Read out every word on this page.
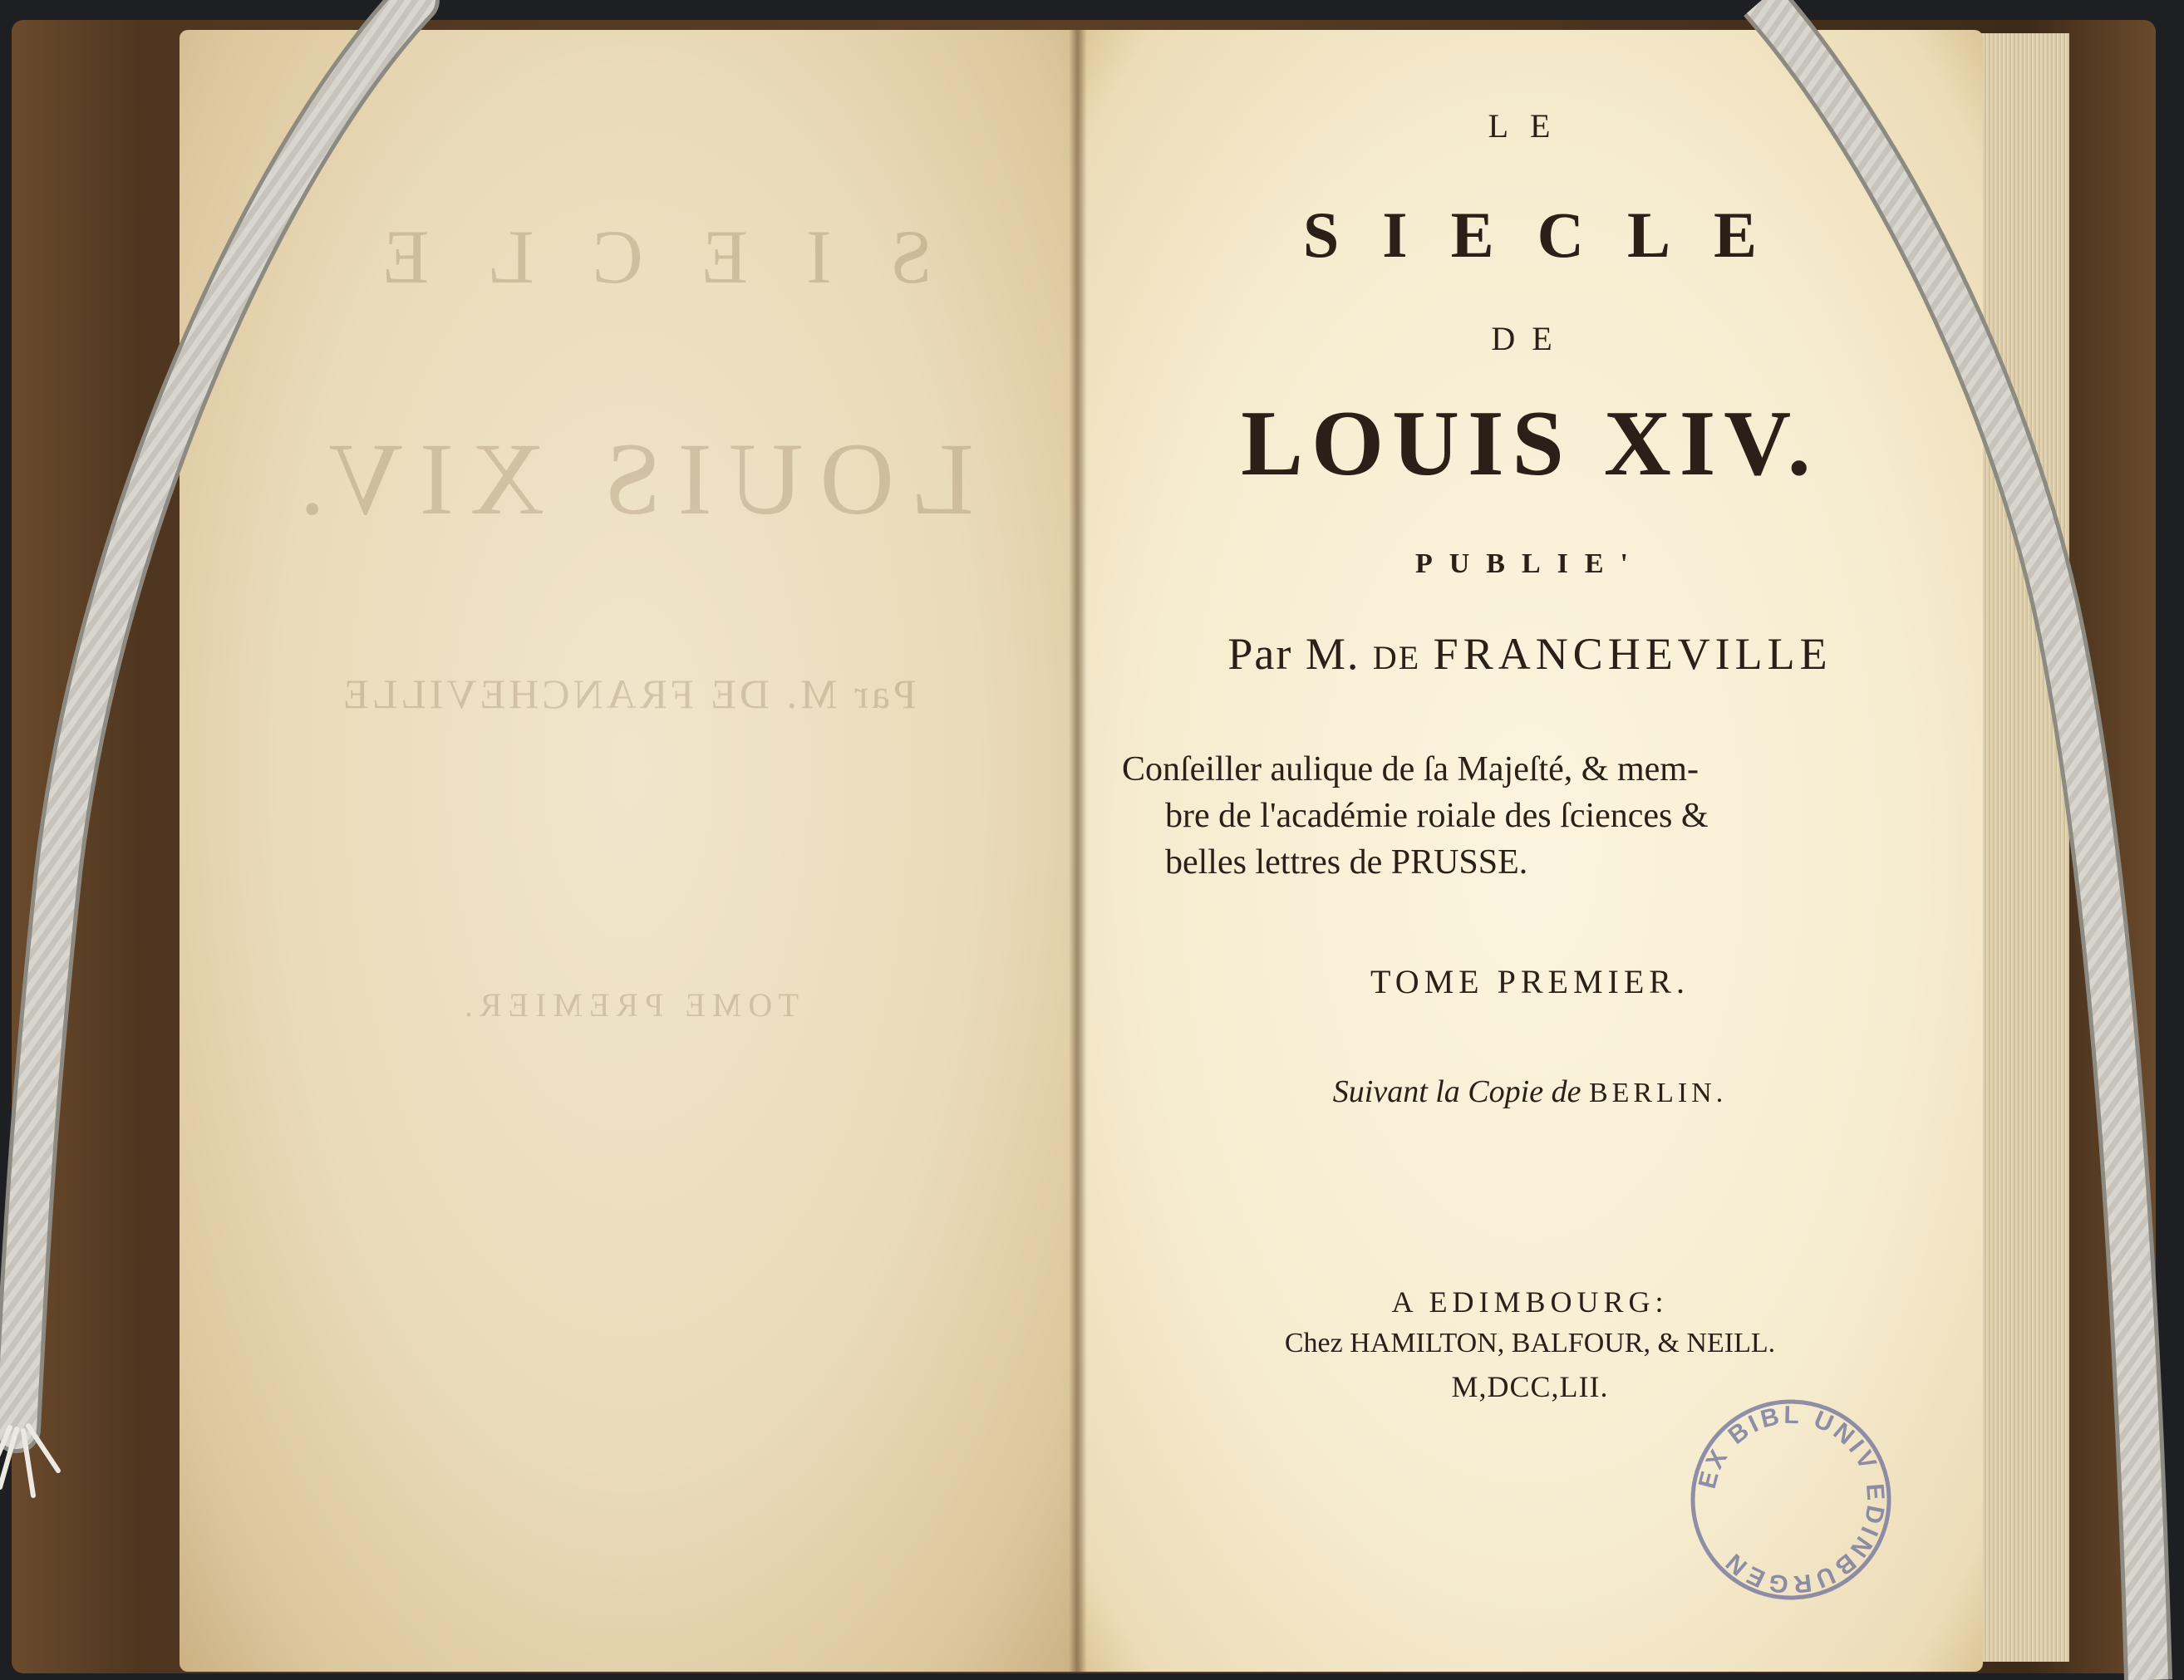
SIECLE
LOUIS XIV.
Par M. DE FRANCHEVILLE
TOME PREMIER.
LE
SIECLE
DE
LOUIS XIV.
PUBLIE'
Par M. DE FRANCHEVILLE
Conſeiller aulique de ſa Majeſté, & mem-
bre de l'académie roiale des ſciences &
belles lettres de PRUSSE.
TOME PREMIER.
Suivant la Copie de BERLIN.
A EDIMBOURG:
Chez HAMILTON, BALFOUR, & NEILL.
M,DCC,LII.
EX BIBL UNIV EDINBURGEN
